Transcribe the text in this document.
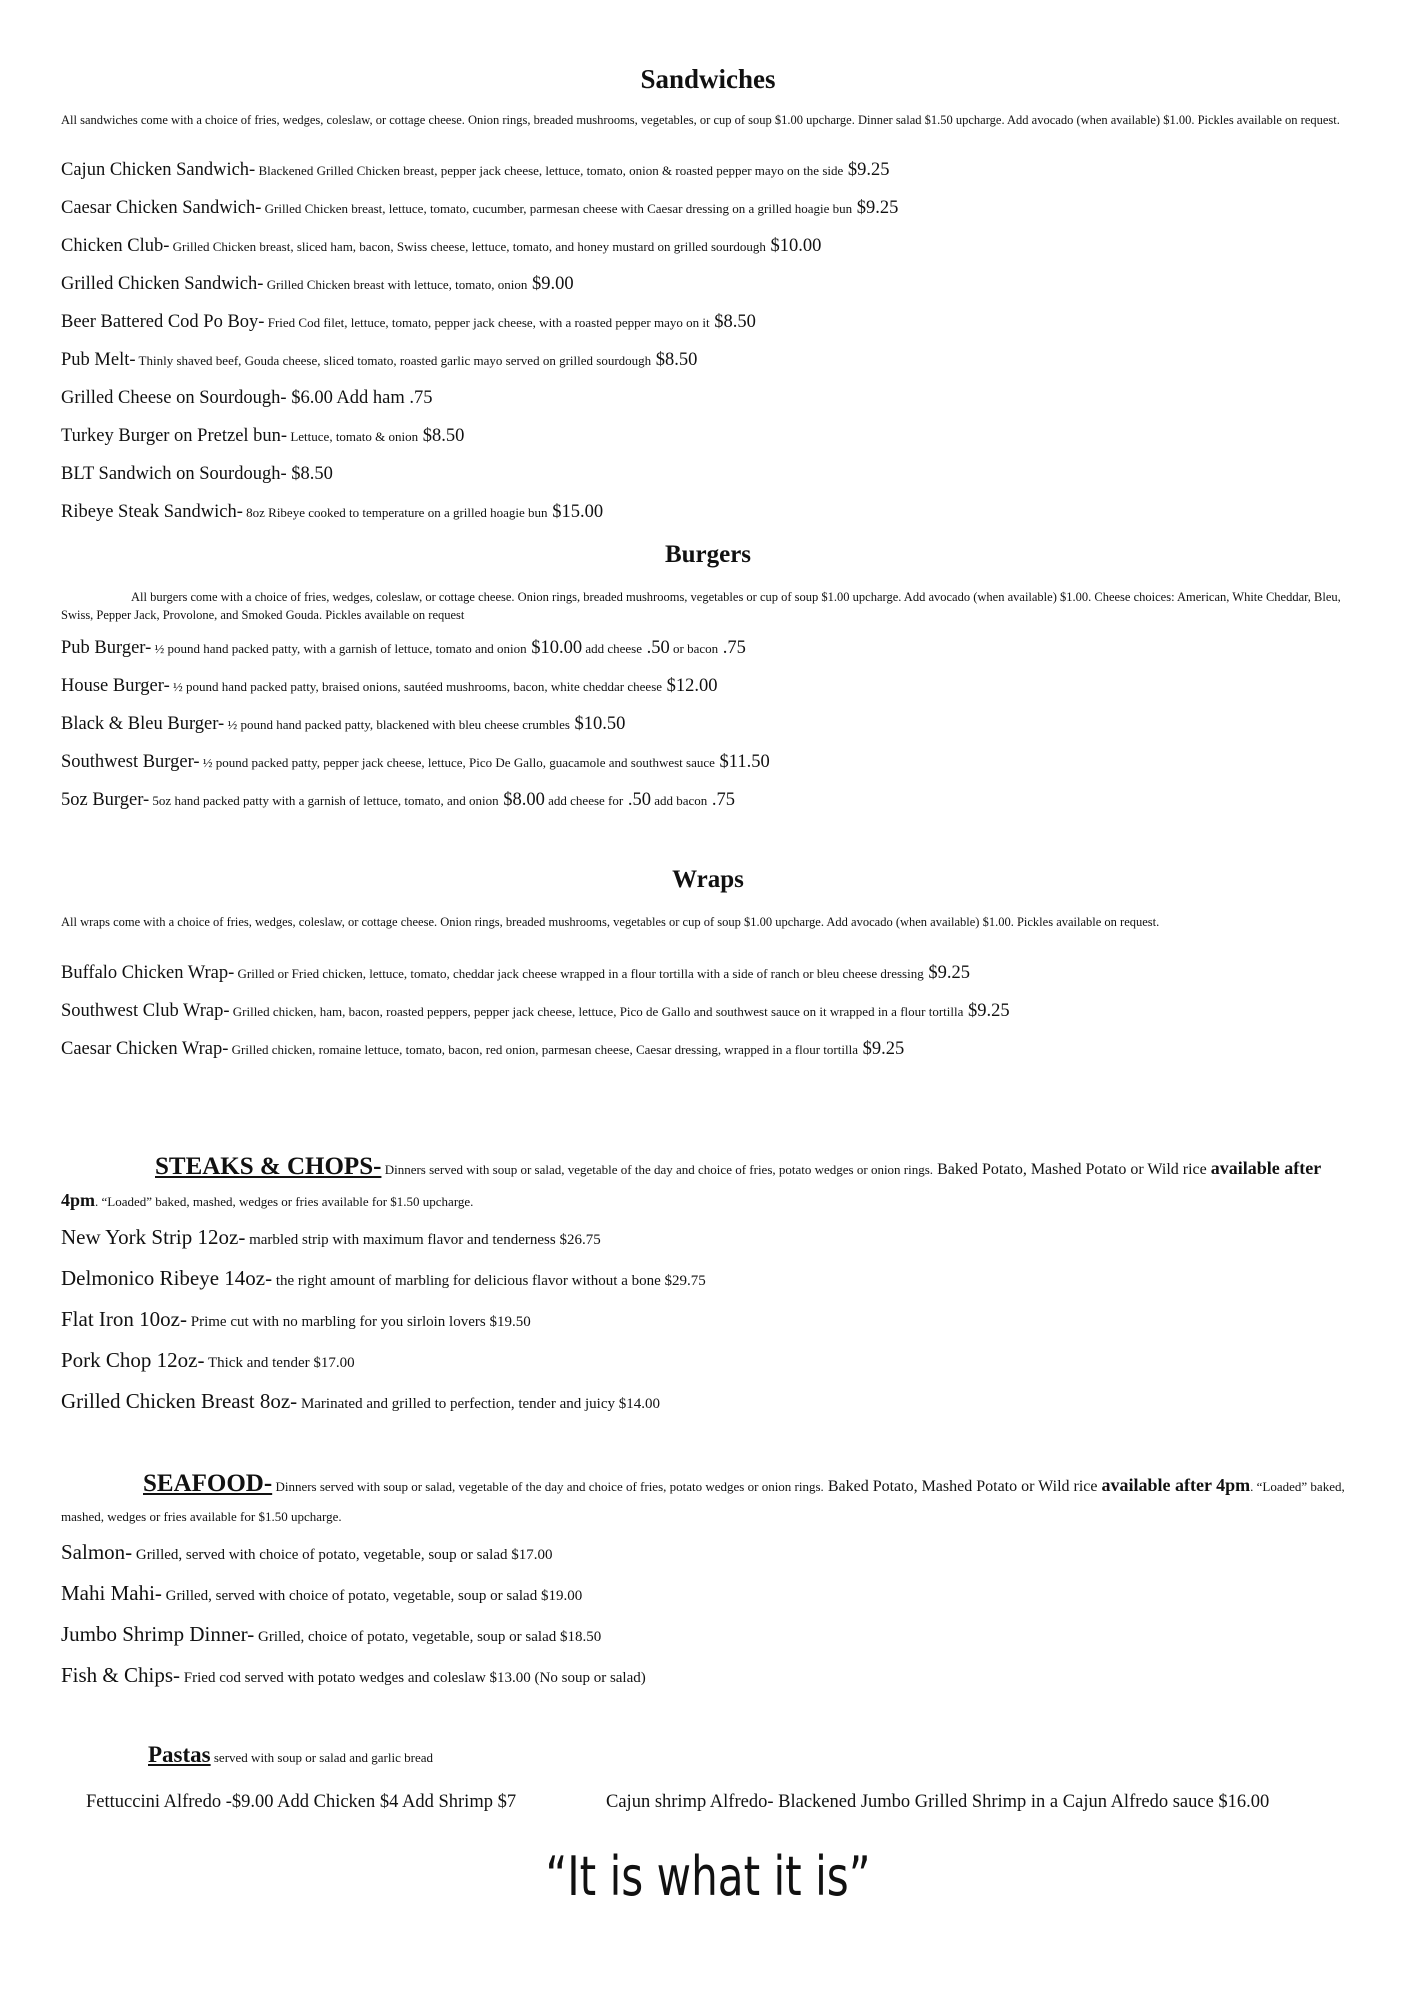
Sandwiches
All sandwiches come with a choice of fries, wedges, coleslaw, or cottage cheese. Onion rings, breaded mushrooms, vegetables, or cup of soup $1.00 upcharge. Dinner salad $1.50 upcharge. Add avocado (when available) $1.00. Pickles available on request.
Cajun Chicken Sandwich- Blackened Grilled Chicken breast, pepper jack cheese, lettuce, tomato, onion & roasted pepper mayo on the side $9.25
Caesar Chicken Sandwich- Grilled Chicken breast, lettuce, tomato, cucumber, parmesan cheese with Caesar dressing on a grilled hoagie bun $9.25
Chicken Club- Grilled Chicken breast, sliced ham, bacon, Swiss cheese, lettuce, tomato, and honey mustard on grilled sourdough $10.00
Grilled Chicken Sandwich- Grilled Chicken breast with lettuce, tomato, onion $9.00
Beer Battered Cod Po Boy- Fried Cod filet, lettuce, tomato, pepper jack cheese, with a roasted pepper mayo on it $8.50
Pub Melt- Thinly shaved beef, Gouda cheese, sliced tomato, roasted garlic mayo served on grilled sourdough $8.50
Grilled Cheese on Sourdough- $6.00 Add ham .75
Turkey Burger on Pretzel bun- Lettuce, tomato & onion $8.50
BLT Sandwich on Sourdough- $8.50
Ribeye Steak Sandwich- 8oz Ribeye cooked to temperature on a grilled hoagie bun $15.00
Burgers
All burgers come with a choice of fries, wedges, coleslaw, or cottage cheese. Onion rings, breaded mushrooms, vegetables or cup of soup $1.00 upcharge. Add avocado (when available) $1.00. Cheese choices: American, White Cheddar, Bleu, Swiss, Pepper Jack, Provolone, and Smoked Gouda. Pickles available on request
Pub Burger- ½ pound hand packed patty, with a garnish of lettuce, tomato and onion $10.00 add cheese .50 or bacon .75
House Burger- ½ pound hand packed patty, braised onions, sautéed mushrooms, bacon, white cheddar cheese $12.00
Black & Bleu Burger- ½ pound hand packed patty, blackened with bleu cheese crumbles $10.50
Southwest Burger- ½ pound packed patty, pepper jack cheese, lettuce, Pico De Gallo, guacamole and southwest sauce $11.50
5oz Burger- 5oz hand packed patty with a garnish of lettuce, tomato, and onion $8.00 add cheese for .50 add bacon .75
Wraps
All wraps come with a choice of fries, wedges, coleslaw, or cottage cheese. Onion rings, breaded mushrooms, vegetables or cup of soup $1.00 upcharge. Add avocado (when available) $1.00. Pickles available on request.
Buffalo Chicken Wrap- Grilled or Fried chicken, lettuce, tomato, cheddar jack cheese wrapped in a flour tortilla with a side of ranch or bleu cheese dressing $9.25
Southwest Club Wrap- Grilled chicken, ham, bacon, roasted peppers, pepper jack cheese, lettuce, Pico de Gallo and southwest sauce on it wrapped in a flour tortilla $9.25
Caesar Chicken Wrap- Grilled chicken, romaine lettuce, tomato, bacon, red onion, parmesan cheese, Caesar dressing, wrapped in a flour tortilla $9.25
STEAKS & CHOPS- Dinners served with soup or salad, vegetable of the day and choice of fries, potato wedges or onion rings. Baked Potato, Mashed Potato or Wild rice available after 4pm. “Loaded” baked, mashed, wedges or fries available for $1.50 upcharge.
New York Strip 12oz- marbled strip with maximum flavor and tenderness $26.75
Delmonico Ribeye 14oz- the right amount of marbling for delicious flavor without a bone $29.75
Flat Iron 10oz- Prime cut with no marbling for you sirloin lovers $19.50
Pork Chop 12oz- Thick and tender $17.00
Grilled Chicken Breast 8oz- Marinated and grilled to perfection, tender and juicy $14.00
SEAFOOD- Dinners served with soup or salad, vegetable of the day and choice of fries, potato wedges or onion rings. Baked Potato, Mashed Potato or Wild rice available after 4pm. “Loaded” baked, mashed, wedges or fries available for $1.50 upcharge.
Salmon- Grilled, served with choice of potato, vegetable, soup or salad $17.00
Mahi Mahi- Grilled, served with choice of potato, vegetable, soup or salad $19.00
Jumbo Shrimp Dinner- Grilled, choice of potato, vegetable, soup or salad $18.50
Fish & Chips- Fried cod served with potato wedges and coleslaw $13.00 (No soup or salad)
Pastas served with soup or salad and garlic bread
Fettuccini Alfredo -$9.00 Add Chicken $4 Add Shrimp $7	Cajun shrimp Alfredo- Blackened Jumbo Grilled Shrimp in a Cajun Alfredo sauce $16.00
“It is what it is”
